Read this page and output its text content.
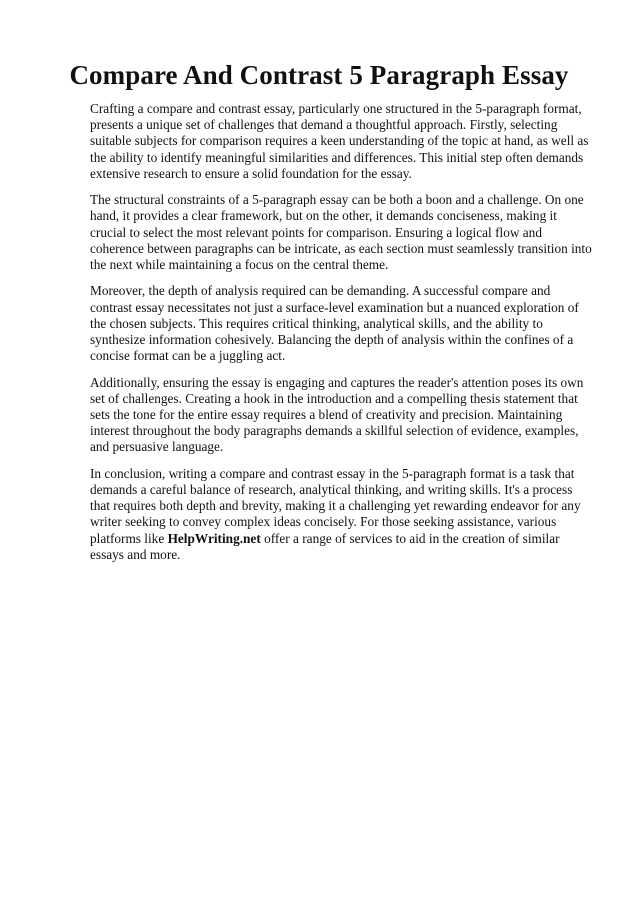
Compare And Contrast 5 Paragraph Essay

Crafting a compare and contrast essay, particularly one structured in the 5-paragraph format, presents a unique set of challenges that demand a thoughtful approach. Firstly, selecting suitable subjects for comparison requires a keen understanding of the topic at hand, as well as the ability to identify meaningful similarities and differences. This initial step often demands extensive research to ensure a solid foundation for the essay.

The structural constraints of a 5-paragraph essay can be both a boon and a challenge. On one hand, it provides a clear framework, but on the other, it demands conciseness, making it crucial to select the most relevant points for comparison. Ensuring a logical flow and coherence between paragraphs can be intricate, as each section must seamlessly transition into the next while maintaining a focus on the central theme.

Moreover, the depth of analysis required can be demanding. A successful compare and contrast essay necessitates not just a surface-level examination but a nuanced exploration of the chosen subjects. This requires critical thinking, analytical skills, and the ability to synthesize information cohesively. Balancing the depth of analysis within the confines of a concise format can be a juggling act.

Additionally, ensuring the essay is engaging and captures the reader's attention poses its own set of challenges. Creating a hook in the introduction and a compelling thesis statement that sets the tone for the entire essay requires a blend of creativity and precision. Maintaining interest throughout the body paragraphs demands a skillful selection of evidence, examples, and persuasive language.

In conclusion, writing a compare and contrast essay in the 5-paragraph format is a task that demands a careful balance of research, analytical thinking, and writing skills. It's a process that requires both depth and brevity, making it a challenging yet rewarding endeavor for any writer seeking to convey complex ideas concisely. For those seeking assistance, various platforms like HelpWriting.net offer a range of services to aid in the creation of similar essays and more.
